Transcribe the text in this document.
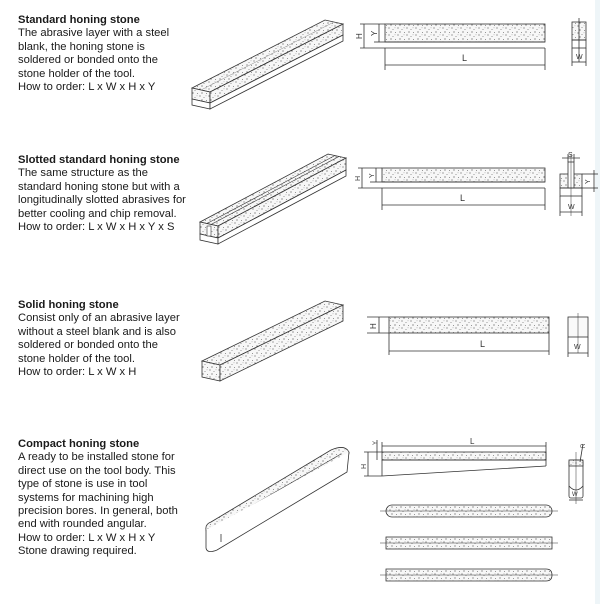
Standard honing stone
The abrasive layer with a steel
blank, the honing stone is
soldered or bonded onto the
stone holder of the tool.
How to order: L x W x H x Y
H Y
L	W
Slotted standard honing stone
The same structure as the
standard honing stone but with a
longitudinally slotted abrasives for
better cooling and chip removal.
How to order: L x W x H x Y x S
H
Y
L
S
Y
W
Solid honing stone
Consist only of an abrasive layer
without a steel blank and is also
soldered or bonded onto the
stone holder of the tool.
How to order: L x W x H
H
L	W
Compact honing stone
A ready to be installed stone for
direct use on the tool body. This
type of stone is use in tool
systems for machining high
precision bores. In general, both
end with rounded angular.
How to order: L x W x H x Y
Stone drawing required.
L
H
Y
R
W
